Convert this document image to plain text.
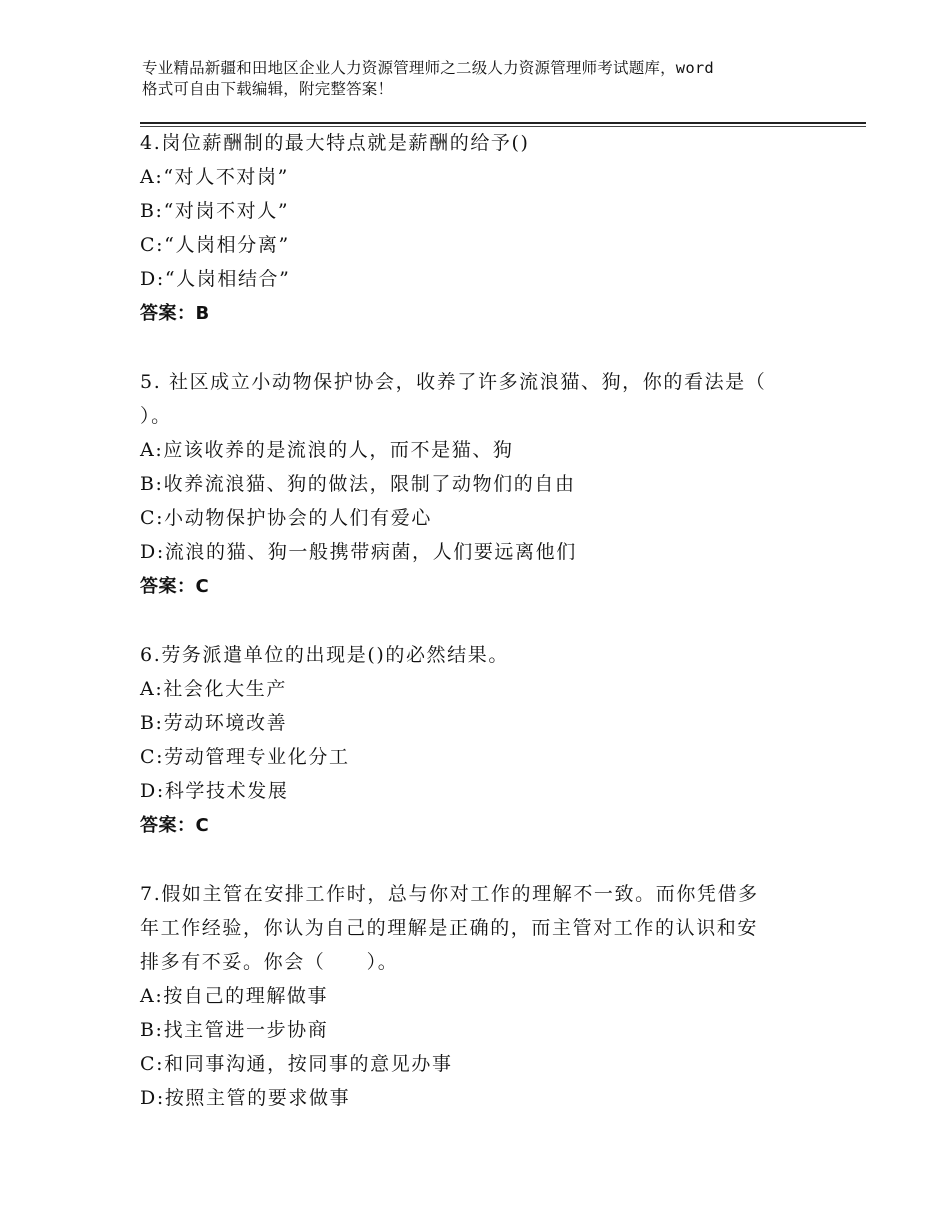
专业精品新疆和田地区企业人力资源管理师之二级人力资源管理师考试题库，word
格式可自由下载编辑，附完整答案！
4.岗位薪酬制的最大特点就是薪酬的给予()
A:“对人不对岗”
B:“对岗不对人”
C:“人岗相分离”
D:“人岗相结合”
答案：B
5. 社区成立小动物保护协会，收养了许多流浪猫、狗，你的看法是（
）。
A:应该收养的是流浪的人，而不是猫、狗
B:收养流浪猫、狗的做法，限制了动物们的自由
C:小动物保护协会的人们有爱心
D:流浪的猫、狗一般携带病菌，人们要远离他们
答案：C
6.劳务派遣单位的出现是()的必然结果。
A:社会化大生产
B:劳动环境改善
C:劳动管理专业化分工
D:科学技术发展
答案：C
7.假如主管在安排工作时，总与你对工作的理解不一致。而你凭借多
年工作经验，你认为自己的理解是正确的，而主管对工作的认识和安
排多有不妥。你会（　　）。
A:按自己的理解做事
B:找主管进一步协商
C:和同事沟通，按同事的意见办事
D:按照主管的要求做事
